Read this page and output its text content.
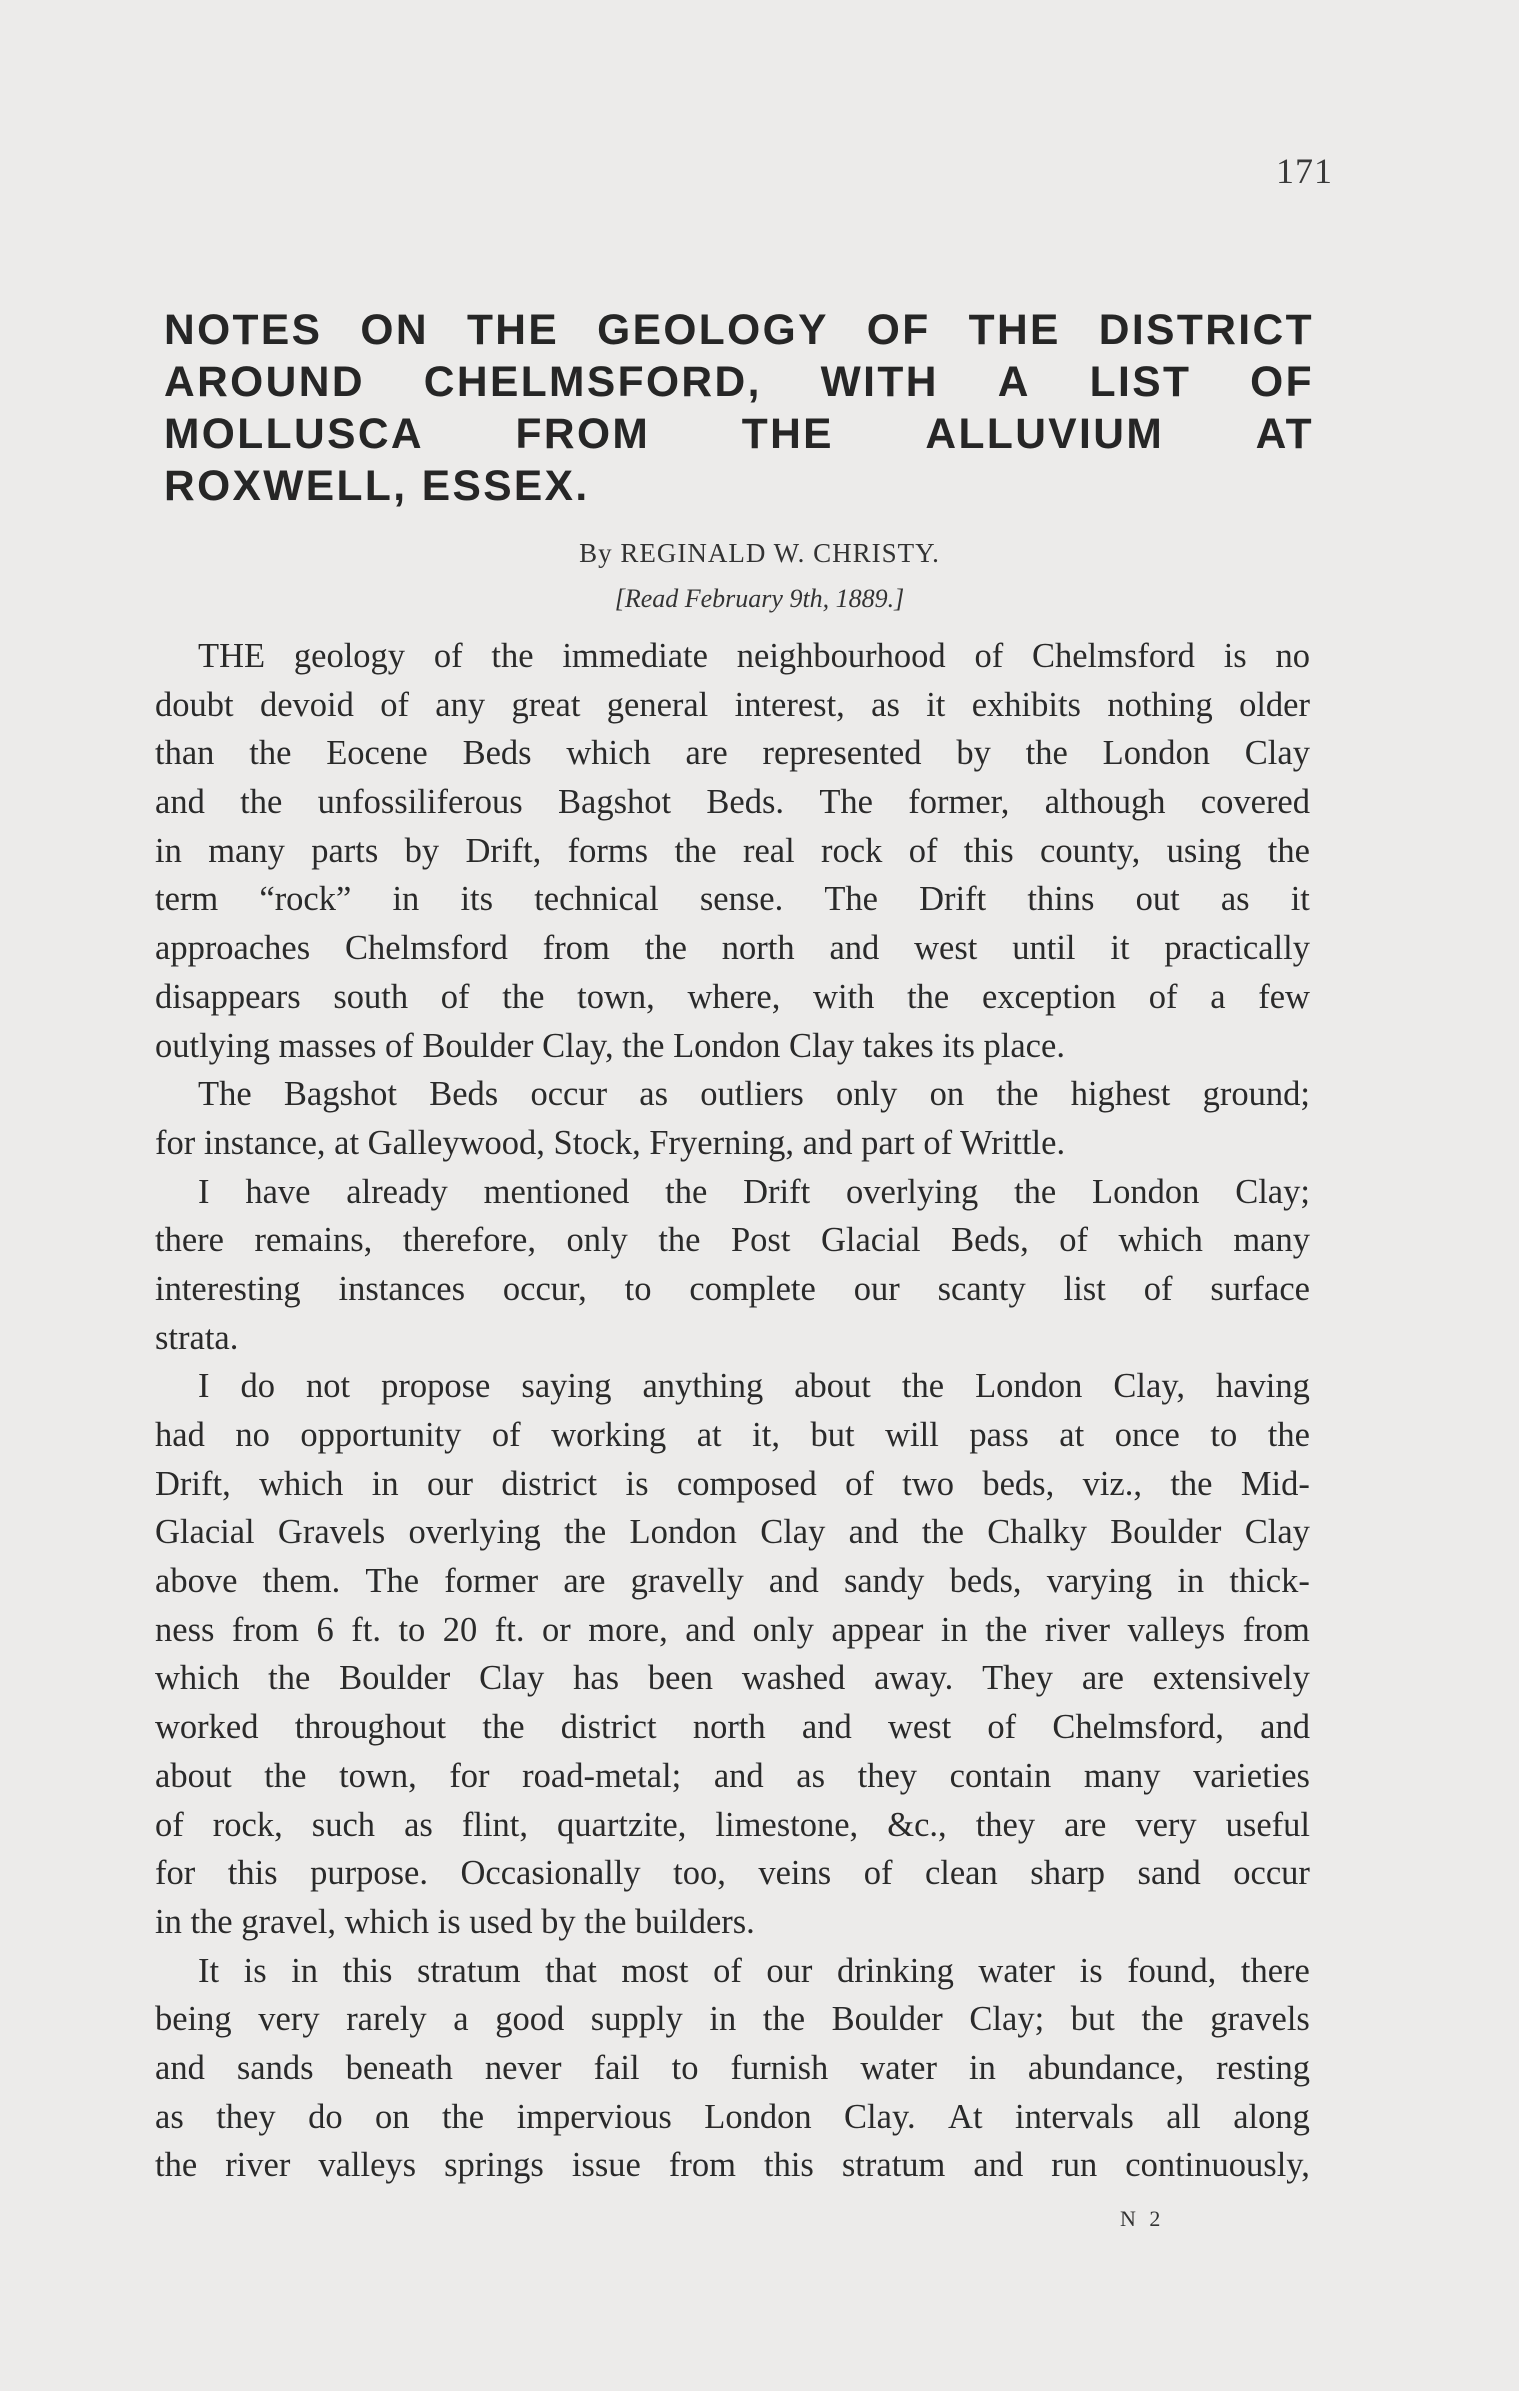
171
NOTES ON THE GEOLOGY OF THE DISTRICT
AROUND CHELMSFORD, WITH A LIST OF
MOLLUSCA FROM THE ALLUVIUM AT
ROXWELL, ESSEX.
By REGINALD W. CHRISTY.
[Read February 9th, 1889.]
THE geology of the immediate neighbourhood of Chelmsford is no
doubt devoid of any great general interest, as it exhibits nothing older
than the Eocene Beds which are represented by the London Clay
and the unfossiliferous Bagshot Beds. The former, although covered
in many parts by Drift, forms the real rock of this county, using the
term “rock” in its technical sense. The Drift thins out as it
approaches Chelmsford from the north and west until it practically
disappears south of the town, where, with the exception of a few
outlying masses of Boulder Clay, the London Clay takes its place.
The Bagshot Beds occur as outliers only on the highest ground;
for instance, at Galleywood, Stock, Fryerning, and part of Writtle.
I have already mentioned the Drift overlying the London Clay;
there remains, therefore, only the Post Glacial Beds, of which many
interesting instances occur, to complete our scanty list of surface
strata.
I do not propose saying anything about the London Clay, having
had no opportunity of working at it, but will pass at once to the
Drift, which in our district is composed of two beds, viz., the Mid-
Glacial Gravels overlying the London Clay and the Chalky Boulder Clay
above them. The former are gravelly and sandy beds, varying in thick-
ness from 6 ft. to 20 ft. or more, and only appear in the river valleys from
which the Boulder Clay has been washed away. They are extensively
worked throughout the district north and west of Chelmsford, and
about the town, for road-metal; and as they contain many varieties
of rock, such as flint, quartzite, limestone, &c., they are very useful
for this purpose. Occasionally too, veins of clean sharp sand occur
in the gravel, which is used by the builders.
It is in this stratum that most of our drinking water is found, there
being very rarely a good supply in the Boulder Clay; but the gravels
and sands beneath never fail to furnish water in abundance, resting
as they do on the impervious London Clay. At intervals all along
the river valleys springs issue from this stratum and run continuously,
N 2
